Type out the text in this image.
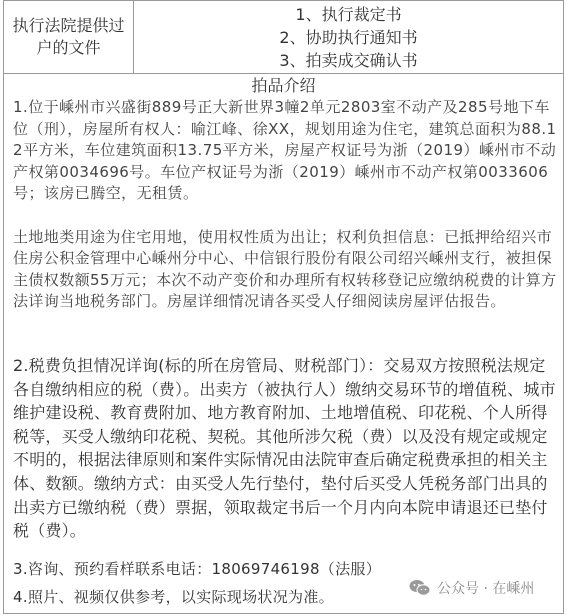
执行法院提供过户的文件
1、执行裁定书
2、协助执行通知书
3、拍卖成交确认书
拍品介绍

1.位于嵊州市兴盛街889号正大新世界3幢2单元2803室不动产及285号地下车位（刑），房屋所有权人：喻江峰、徐XX，规划用途为住宅，建筑总面积为88.12平方米，车位建筑面积13.75平方米，房屋产权证号为浙（2019）嵊州市不动产权第0034696号。车位产权证号为浙（2019）嵊州市不动产权第0033606号；该房已腾空，无租赁。

土地地类用途为住宅用地，使用权性质为出让；权利负担信息：已抵押给绍兴市住房公积金管理中心嵊州分中心、中信银行股份有限公司绍兴嵊州支行，被担保主债权数额55万元；本次不动产变价和办理所有权转移登记应缴纳税费的计算方法详询当地税务部门。房屋详细情况请各买受人仔细阅读房屋评估报告。

2.税费负担情况详询(标的所在房管局、财税部门）：交易双方按照税法规定各自缴纳相应的税（费）。出卖方（被执行人）缴纳交易环节的增值税、城市维护建设税、教育费附加、地方教育附加、土地增值税、印花税、个人所得税等，买受人缴纳印花税、契税。其他所涉欠税（费）以及没有规定或规定不明的，根据法律原则和案件实际情况由法院审查后确定税费承担的相关主体、数额。缴纳方式：由买受人先行垫付，垫付后买受人凭税务部门出具的出卖方已缴纳税（费）票据，领取裁定书后一个月内向本院申请退还已垫付税（费）。

3.咨询、预约看样联系电话：18069746198（法服）

4.照片、视频仅供参考，以实际现场状况为准。	公众号 · 在嵊州
